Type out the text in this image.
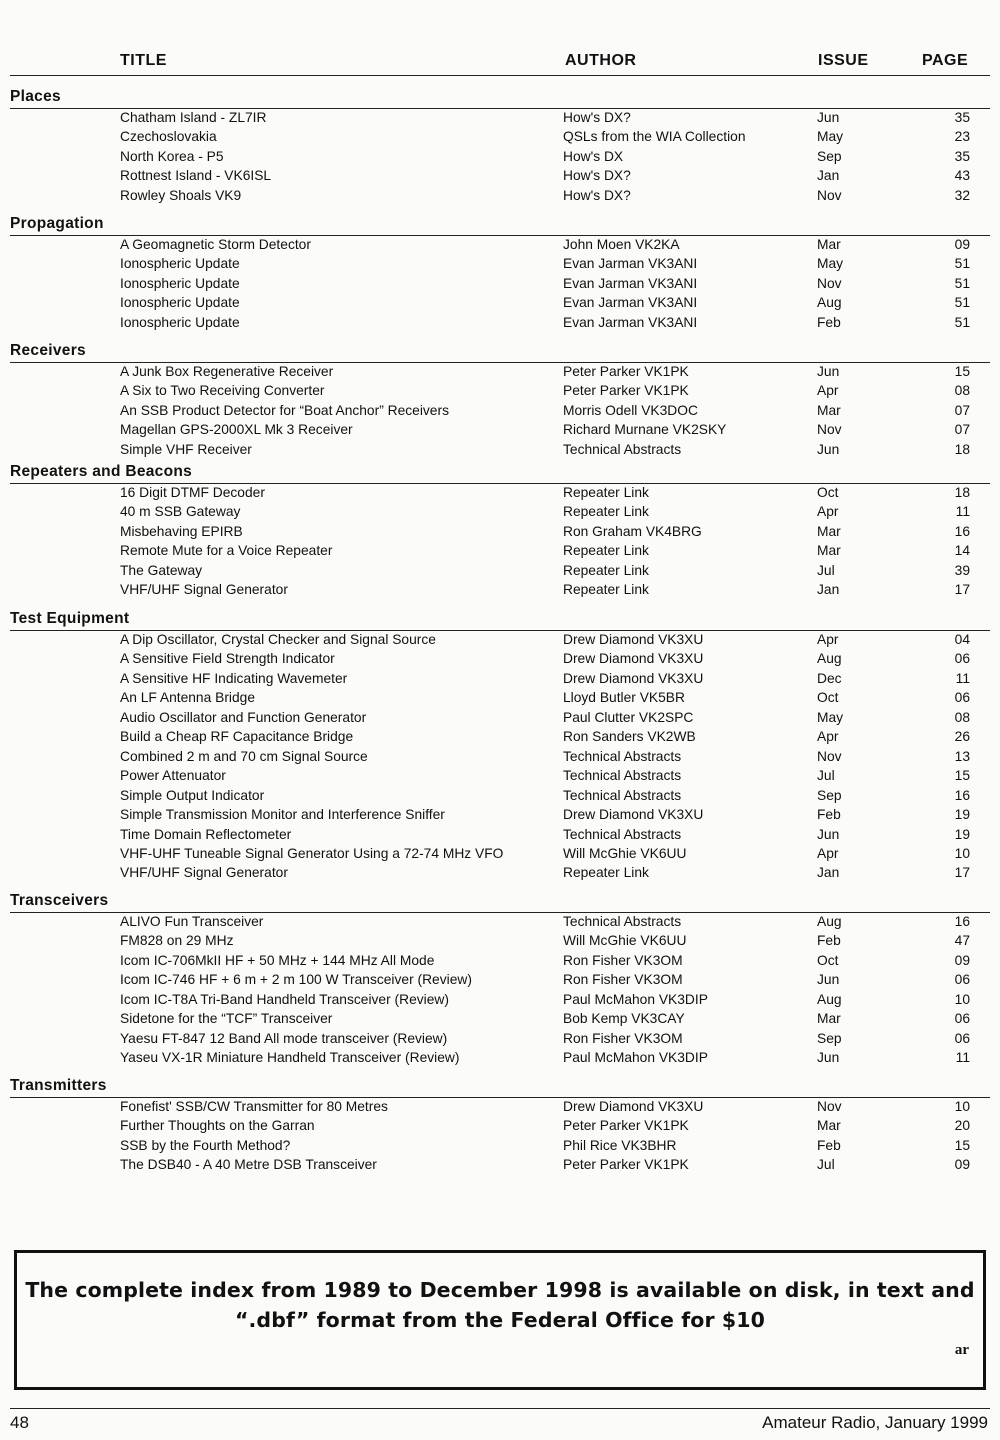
TITLE	AUTHOR	ISSUE	PAGE
Places
Chatham Island - ZL7IR	How's DX?	Jun	35
Czechoslovakia	QSLs from the WIA Collection	May	23
North Korea - P5	How's DX	Sep	35
Rottnest Island - VK6ISL	How's DX?	Jan	43
Rowley Shoals VK9	How's DX?	Nov	32
Propagation
A Geomagnetic Storm Detector	John Moen VK2KA	Mar	09
Ionospheric Update	Evan Jarman VK3ANI	May	51
Ionospheric Update	Evan Jarman VK3ANI	Nov	51
Ionospheric Update	Evan Jarman VK3ANI	Aug	51
Ionospheric Update	Evan Jarman VK3ANI	Feb	51
Receivers
A Junk Box Regenerative Receiver	Peter Parker VK1PK	Jun	15
A Six to Two Receiving Converter	Peter Parker VK1PK	Apr	08
An SSB Product Detector for “Boat Anchor” Receivers	Morris Odell VK3DOC	Mar	07
Magellan GPS-2000XL Mk 3 Receiver	Richard Murnane VK2SKY	Nov	07
Simple VHF Receiver	Technical Abstracts	Jun	18
Repeaters and Beacons
16 Digit DTMF Decoder	Repeater Link	Oct	18
40 m SSB Gateway	Repeater Link	Apr	11
Misbehaving EPIRB	Ron Graham VK4BRG	Mar	16
Remote Mute for a Voice Repeater	Repeater Link	Mar	14
The Gateway	Repeater Link	Jul	39
VHF/UHF Signal Generator	Repeater Link	Jan	17
Test Equipment
A Dip Oscillator, Crystal Checker and Signal Source	Drew Diamond VK3XU	Apr	04
A Sensitive Field Strength Indicator	Drew Diamond VK3XU	Aug	06
A Sensitive HF Indicating Wavemeter	Drew Diamond VK3XU	Dec	11
An LF Antenna Bridge	Lloyd Butler VK5BR	Oct	06
Audio Oscillator and Function Generator	Paul Clutter VK2SPC	May	08
Build a Cheap RF Capacitance Bridge	Ron Sanders VK2WB	Apr	26
Combined 2 m and 70 cm Signal Source	Technical Abstracts	Nov	13
Power Attenuator	Technical Abstracts	Jul	15
Simple Output Indicator	Technical Abstracts	Sep	16
Simple Transmission Monitor and Interference Sniffer	Drew Diamond VK3XU	Feb	19
Time Domain Reflectometer	Technical Abstracts	Jun	19
VHF-UHF Tuneable Signal Generator Using a 72-74 MHz VFO	Will McGhie VK6UU	Apr	10
VHF/UHF Signal Generator	Repeater Link	Jan	17
Transceivers
ALIVO Fun Transceiver	Technical Abstracts	Aug	16
FM828 on 29 MHz	Will McGhie VK6UU	Feb	47
Icom IC-706MkII HF + 50 MHz + 144 MHz All Mode	Ron Fisher VK3OM	Oct	09
Icom IC-746 HF + 6 m + 2 m 100 W Transceiver (Review)	Ron Fisher VK3OM	Jun	06
Icom IC-T8A Tri-Band Handheld Transceiver (Review)	Paul McMahon VK3DIP	Aug	10
Sidetone for the “TCF” Transceiver	Bob Kemp VK3CAY	Mar	06
Yaesu FT-847 12 Band All mode transceiver (Review)	Ron Fisher VK3OM	Sep	06
Yaseu VX-1R Miniature Handheld Transceiver (Review)	Paul McMahon VK3DIP	Jun	11
Transmitters
Fonefist' SSB/CW Transmitter for 80 Metres	Drew Diamond VK3XU	Nov	10
Further Thoughts on the Garran	Peter Parker VK1PK	Mar	20
SSB by the Fourth Method?	Phil Rice VK3BHR	Feb	15
The DSB40 - A 40 Metre DSB Transceiver	Peter Parker VK1PK	Jul	09
The complete index from 1989 to December 1998 is available on disk, in text and
“.dbf” format from the Federal Office for $10
ar
48	Amateur Radio, January 1999
